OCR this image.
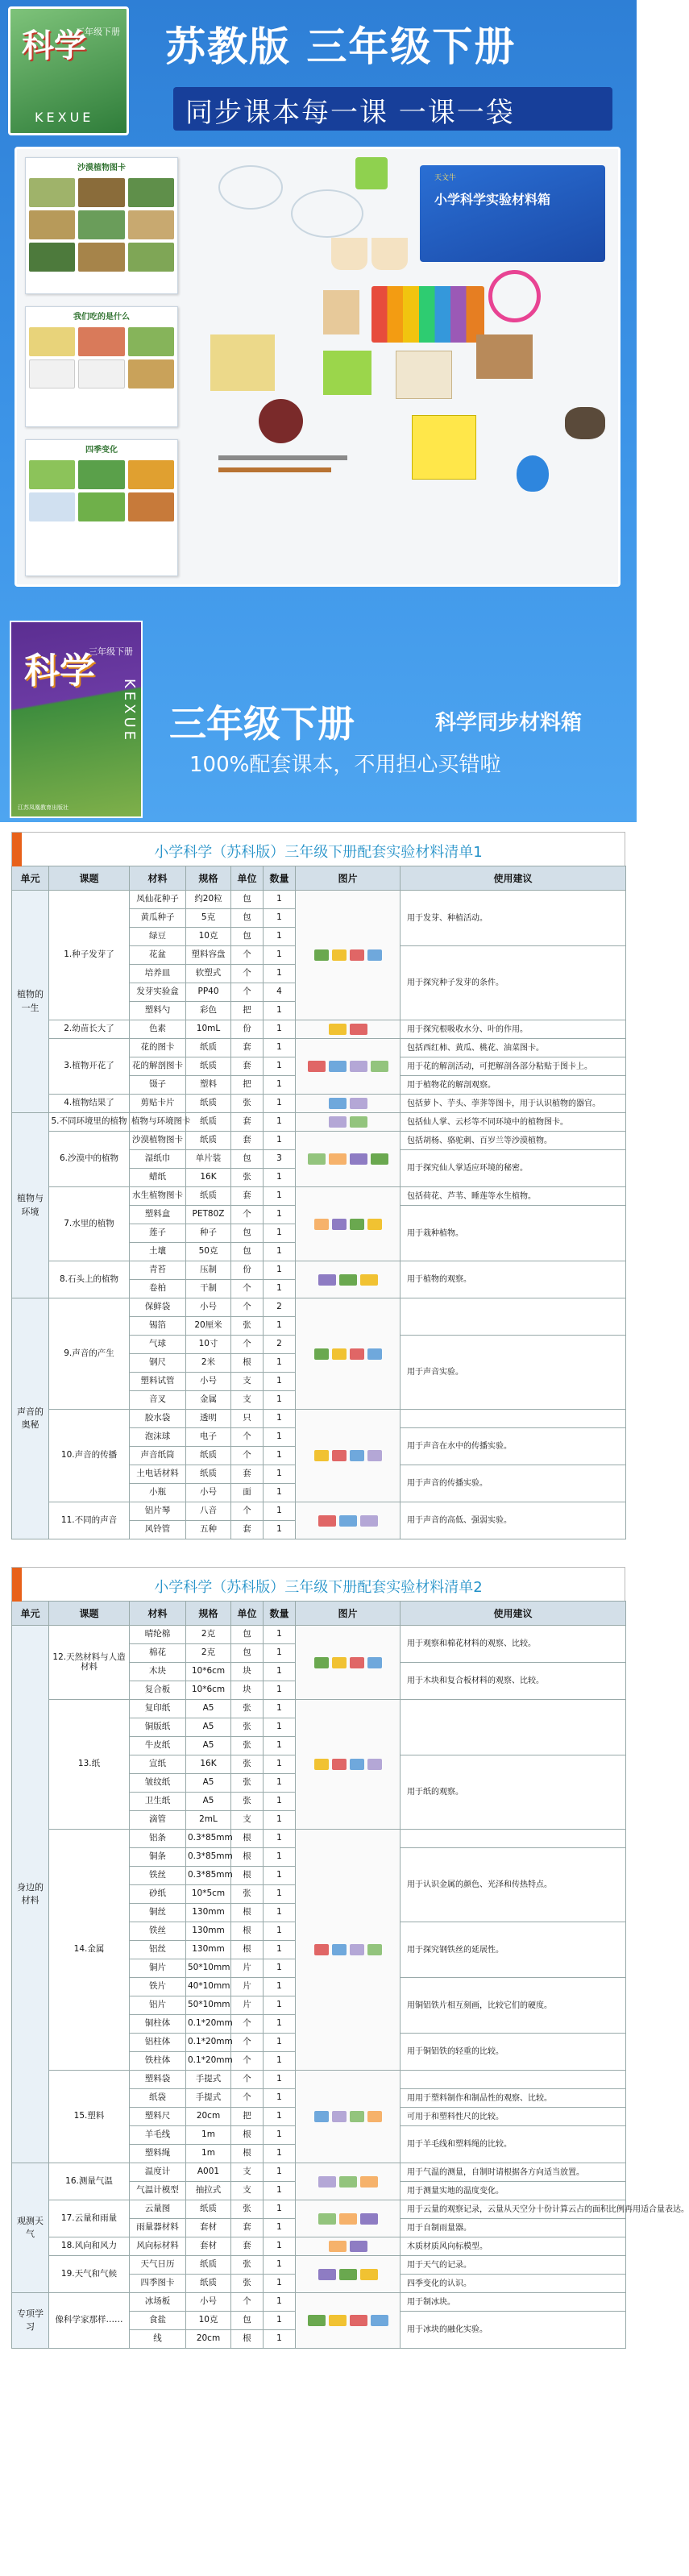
科学
三年级下册
KEXUE
苏教版 三年级下册
同步课本每一课 一课一袋
沙漠植物图卡
我们吃的是什么
四季变化
天文牛
小学科学实验材料箱
科学
三年级下册
KEXUE
江苏凤凰教育出版社
三年级下册	科学同步材料箱
100%配套课本，不用担心买错啦
小学科学（苏科版）三年级下册配套实验材料清单1
单元	课题	材料	规格	单位	数量	图片	使用建议
植物的一生	1.种子发芽了	凤仙花种子	约20粒	包	1		用于发芽、种植活动。
		黄瓜种子	5克	包	1		
		绿豆	10克	包	1		
		花盆	塑料容盘	个	1		用于探究种子发芽的条件。
		培养皿	软塑式	个	1		
		发芽实验盒	PP40	个	4		
		塑料勺	彩色	把	1		
	2.幼苗长大了	色素	10mL	份	1		用于探究根吸收水分、叶的作用。
	3.植物开花了	花的图卡	纸质	套	1		包括西红柿、黄瓜、桃花、油菜图卡。
		花的解剖图卡	纸质	套	1		用于花的解剖活动，可把解剖各部分粘贴于图卡上。
		镊子	塑料	把	1		用于植物花的解剖观察。
	4.植物结果了	剪贴卡片	纸质	张	1		包括萝卜、芋头、荸荠等图卡，用于认识植物的器官。
植物与环境	5.不同环境里的植物	植物与环境图卡	纸质	套	1		包括仙人掌、云杉等不同环境中的植物图卡。
	6.沙漠中的植物	沙漠植物图卡	纸质	套	1		包括胡杨、骆驼刺、百岁兰等沙漠植物。
		湿纸巾	单片装	包	3		用于探究仙人掌适应环境的秘密。
		蜡纸	16K	张	1		
	7.水里的植物	水生植物图卡	纸质	套	1		包括荷花、芦苇、睡莲等水生植物。
		塑料盒	PET80Z	个	1		用于栽种植物。
		莲子	种子	包	1		
		土壤	50克	包	1		
	8.石头上的植物	青苔	压制	份	1		用于植物的观察。
		卷柏	干制	个	1		
声音的奥秘	9.声音的产生	保鲜袋	小号	个	2		
		锡箔	20厘米	张	1		
		气球	10寸	个	2		用于声音实验。
		钢尺	2米	根	1		
		塑料试管	小号	支	1		
		音叉	金属	支	1		
	10.声音的传播	胶水袋	透明	只	1		
		泡沫球	电子	个	1		用于声音在水中的传播实验。
		声音纸筒	纸质	个	1		
		土电话材料	纸质	套	1		用于声音的传播实验。
		小瓶	小号	面	1		
	11.不同的声音	铝片琴	八音	个	1		用于声音的高低、强弱实验。
		风铃管	五种	套	1		
小学科学（苏科版）三年级下册配套实验材料清单2
单元	课题	材料	规格	单位	数量	图片	使用建议
身边的材料	12.天然材料与人造材料	晴纶棉	2克	包	1		用于观察和棉花材料的观察、比较。
		棉花	2克	包	1		
		木块	10*6cm	块	1		用于木块和复合板材料的观察、比较。
		复合板	10*6cm	块	1		
	13.纸	复印纸	A5	张	1		
		铜版纸	A5	张	1		
		牛皮纸	A5	张	1		
		宣纸	16K	张	1		用于纸的观察。
		皱纹纸	A5	张	1		
		卫生纸	A5	张	1		
		滴管	2mL	支	1		
	14.金属	铝条	0.3*85mm	根	1		
		铜条	0.3*85mm	根	1		用于认识金属的颜色、光泽和传热特点。
		铁丝	0.3*85mm	根	1		
		砂纸	10*5cm	张	1		
		铜丝	130mm	根	1		
		铁丝	130mm	根	1		用于探究钢铁丝的延展性。
		铝丝	130mm	根	1		
		铜片	50*10mm	片	1		
		铁片	40*10mm	片	1		用铜铝铁片相互刻画，比较它们的硬度。
		铝片	50*10mm	片	1		
		铜柱体	0.1*20mm	个	1		
		铝柱体	0.1*20mm	个	1		用于铜铝铁的轻重的比较。
		铁柱体	0.1*20mm	个	1		
	15.塑料	塑料袋	手提式	个	1		
		纸袋	手提式	个	1		用用于塑料制作和制品性的观察、比较。
		塑料尺	20cm	把	1		可用于和塑料性尺的比较。
		羊毛线	1m	根	1		用于羊毛线和塑料绳的比较。
		塑料绳	1m	根	1		
观测天气	16.测量气温	温度计	A001	支	1		用于气温的测量，自制时请根据各方向适当放置。
		气温计模型	抽拉式	支	1		用于测量实地的温度变化。
	17.云量和雨量	云量图	纸质	张	1		用于云量的观察记录，云量从天空分十份计算云占的面积比例再用适合量表达。
		雨量器材料	套材	套	1		用于自制雨量器。
	18.风向和风力	风向标材料	套材	套	1		木质材质风向标模型。
	19.天气和气候	天气日历	纸质	张	1		用于天气的记录。
		四季图卡	纸质	张	1		四季变化的认识。
专项学习	像科学家那样……	冰场板	小号	个	1		用于制冰块。
		食盐	10克	包	1		用于冰块的融化实验。
		线	20cm	根	1		
